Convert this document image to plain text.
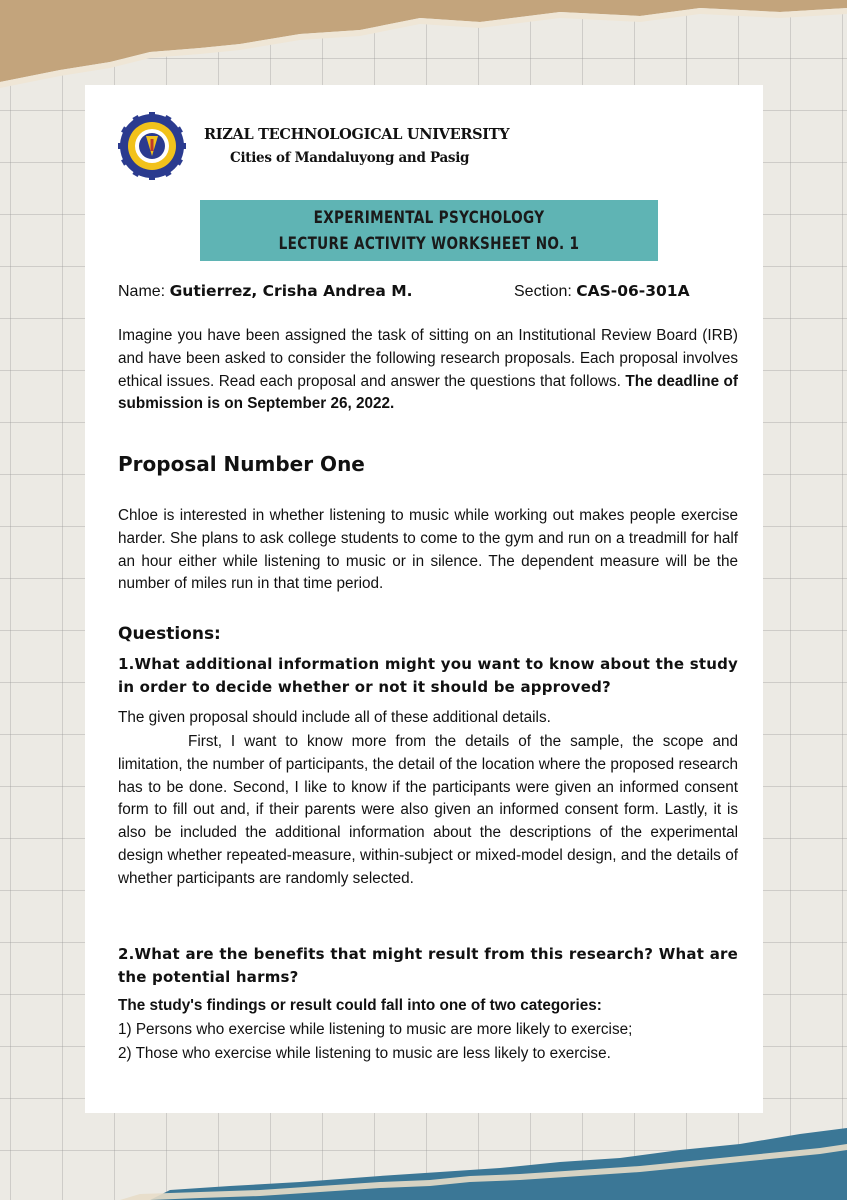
RIZAL TECHNOLOGICAL UNIVERSITY
Cities of Mandaluyong and Pasig
EXPERIMENTAL PSYCHOLOGY
LECTURE ACTIVITY WORKSHEET NO. 1
Name: Gutierrez, Crisha Andrea M.	Section: CAS-06-301A

Imagine you have been assigned the task of sitting on an Institutional Review Board (IRB) and have been asked to consider the following research proposals. Each proposal involves ethical issues. Read each proposal and answer the questions that follows. The deadline of submission is on September 26, 2022.

Proposal Number One

Chloe is interested in whether listening to music while working out makes people exercise harder. She plans to ask college students to come to the gym and run on a treadmill for half an hour either while listening to music or in silence. The dependent measure will be the number of miles run in that time period.

Questions:

1.What additional information might you want to know about the study in order to decide whether or not it should be approved?

The given proposal should include all of these additional details.

First, I want to know more from the details of the sample, the scope and limitation, the number of participants, the detail of the location where the proposed research has to be done. Second, I like to know if the participants were given an informed consent form to fill out and, if their parents were also given an informed consent form. Lastly, it is also be included the additional information about the descriptions of the experimental design whether repeated-measure, within-subject or mixed-model design, and the details of whether participants are randomly selected.

2.What are the benefits that might result from this research? What are the potential harms?

The study's findings or result could fall into one of two categories:

1) Persons who exercise while listening to music are more likely to exercise;

2) Those who exercise while listening to music are less likely to exercise.
